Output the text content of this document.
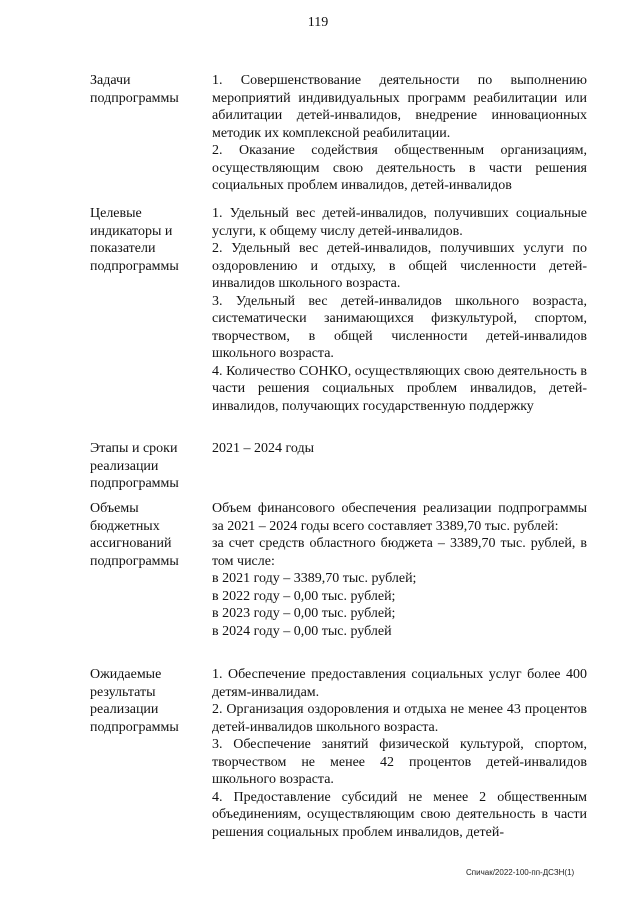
119
Задачи
подпрограммы

1. Совершенствование деятельности по выполнению мероприятий индивидуальных программ реабилитации или абилитации детей-инвалидов, внедрение инновационных методик их комплексной реабилитации.

2. Оказание содействия общественным организациям, осуществляющим свою деятельность в части решения социальных проблем инвалидов, детей-инвалидов

Целевые
индикаторы и
показатели
подпрограммы

1. Удельный вес детей-инвалидов, получивших социальные услуги, к общему числу детей-инвалидов.

2. Удельный вес детей-инвалидов, получивших услуги по оздоровлению и отдыху, в общей численности детей-инвалидов школьного возраста.

3. Удельный вес детей-инвалидов школьного возраста, систематически занимающихся физкультурой, спортом, творчеством, в общей численности детей-инвалидов школьного возраста.

4. Количество СОНКО, осуществляющих свою деятельность в части решения социальных проблем инвалидов, детей-инвалидов, получающих государственную поддержку

Этапы и сроки
реализации
подпрограммы

2021 – 2024 годы

Объемы
бюджетных
ассигнований
подпрограммы

Объем финансового обеспечения реализации подпрограммы за 2021 – 2024 годы всего составляет 3389,70 тыс. рублей:

за счет средств областного бюджета – 3389,70 тыс. рублей, в том числе:

в 2021 году – 3389,70 тыс. рублей;

в 2022 году – 0,00 тыс. рублей;

в 2023 году – 0,00 тыс. рублей;

в 2024 году – 0,00 тыс. рублей

Ожидаемые
результаты
реализации
подпрограммы

1. Обеспечение предоставления социальных услуг более 400 детям-инвалидам.

2. Организация оздоровления и отдыха не менее 43 процентов детей-инвалидов школьного возраста.

3. Обеспечение занятий физической культурой, спортом, творчеством не менее 42 процентов детей-инвалидов школьного возраста.

4. Предоставление субсидий не менее 2 общественным объединениям, осуществляющим свою деятельность в части решения социальных проблем инвалидов, детей-

Спичак/2022-100-пп-ДСЗН(1)
